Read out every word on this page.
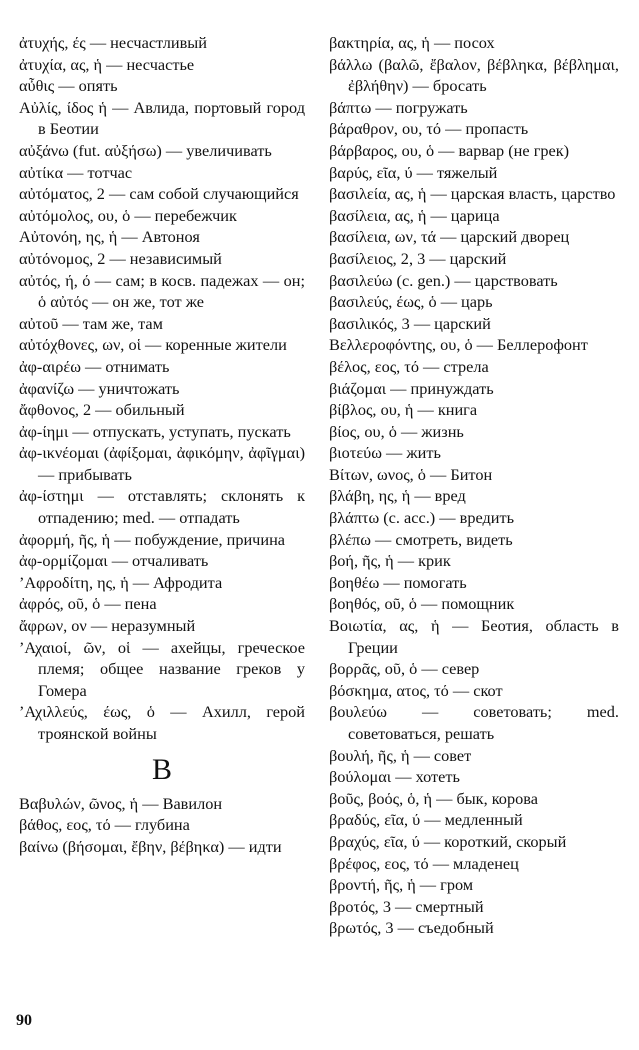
ἀτυχής, ές — несчастливый
ἀτυχία, ας, ἡ — несчастье
αὖθις — опять
Αὐλίς, ίδος ἡ — Авлида, портовый город в Беотии
αὐξάνω (fut. αὐξήσω) — увеличивать
αὐτίκα — тотчас
αὐτόματος, 2 — сам собой случающийся
αὐτόμολος, ου, ὁ — перебежчик
Αὐτονόη, ης, ἡ — Автоноя
αὐτόνομος, 2 — независимый
αὐτός, ή, ό — сам; в косв. падежах — он; ὁ αὐτός — он же, тот же
αὐτοῦ — там же, там
αὐτόχθονες, ων, οἱ — коренные жители
ἀφ-αιρέω — отнимать
ἀφανίζω — уничтожать
ἄφθονος, 2 — обильный
ἀφ-ίημι — отпускать, уступать, пускать
ἀφ-ικνέομαι (ἀφίξομαι, ἀφικόμην, ἀφῖγμαι) — прибывать
ἀφ-ίστημι — отставлять; склонять к отпадению; med. — отпадать
ἀφορμή, ῆς, ἡ — побуждение, причина
ἀφ-ορμίζομαι — отчаливать
ʼΑφροδίτη, ης, ἡ — Афродита
ἀφρός, οῦ, ὁ — пена
ἄφρων, ον — неразумный
ʼΑχαιοί, ῶν, οἱ — ахейцы, греческое племя; общее название греков у Гомера
ʼΑχιλλεύς, έως, ὁ — Ахилл, герой троянской войны
B
Βαβυλών, ῶνος, ἡ — Вавилон
βάθος, εος, τό — глубина
βαίνω (βήσομαι, ἔβην, βέβηκα) — идти
βακτηρία, ας, ἡ — посох
βάλλω (βαλῶ, ἔβαλον, βέβληκα, βέβλημαι, ἐβλήθην) — бросать
βάπτω — погружать
βάραθρον, ου, τό — пропасть
βάρβαρος, ου, ὁ — варвар (не грек)
βαρύς, εῖα, ύ — тяжелый
βασιλεία, ας, ἡ — царская власть, царство
βασίλεια, ας, ἡ — царица
βασίλεια, ων, τά — царский дворец
βασίλειος, 2, 3 — царский
βασιλεύω (c. gen.) — царствовать
βασιλεύς, έως, ὁ — царь
βασιλικός, 3 — царский
Βελλεροφόντης, ου, ὁ — Беллерофонт
βέλος, εος, τό — стрела
βιάζομαι — принуждать
βίβλος, ου, ἡ — книга
βίος, ου, ὁ — жизнь
βιοτεύω — жить
Βίτων, ωνος, ὁ — Битон
βλάβη, ης, ἡ — вред
βλάπτω (c. acc.) — вредить
βλέπω — смотреть, видеть
βοή, ῆς, ἡ — крик
βοηθέω — помогать
βοηθός, οῦ, ὁ — помощник
Βοιωτία, ας, ἡ — Беотия, область в Греции
βορρᾶς, οῦ, ὁ — север
βόσκημα, ατος, τό — скот
βουλεύω — советовать; med. советоваться, решать
βουλή, ῆς, ἡ — совет
βούλομαι — хотеть
βοῦς, βοός, ὁ, ἡ — бык, корова
βραδύς, εῖα, ύ — медленный
βραχύς, εῖα, ύ — короткий, скорый
βρέφος, εος, τό — младенец
βροντή, ῆς, ἡ — гром
βροτός, 3 — смертный
βρωτός, 3 — съедобный
90
